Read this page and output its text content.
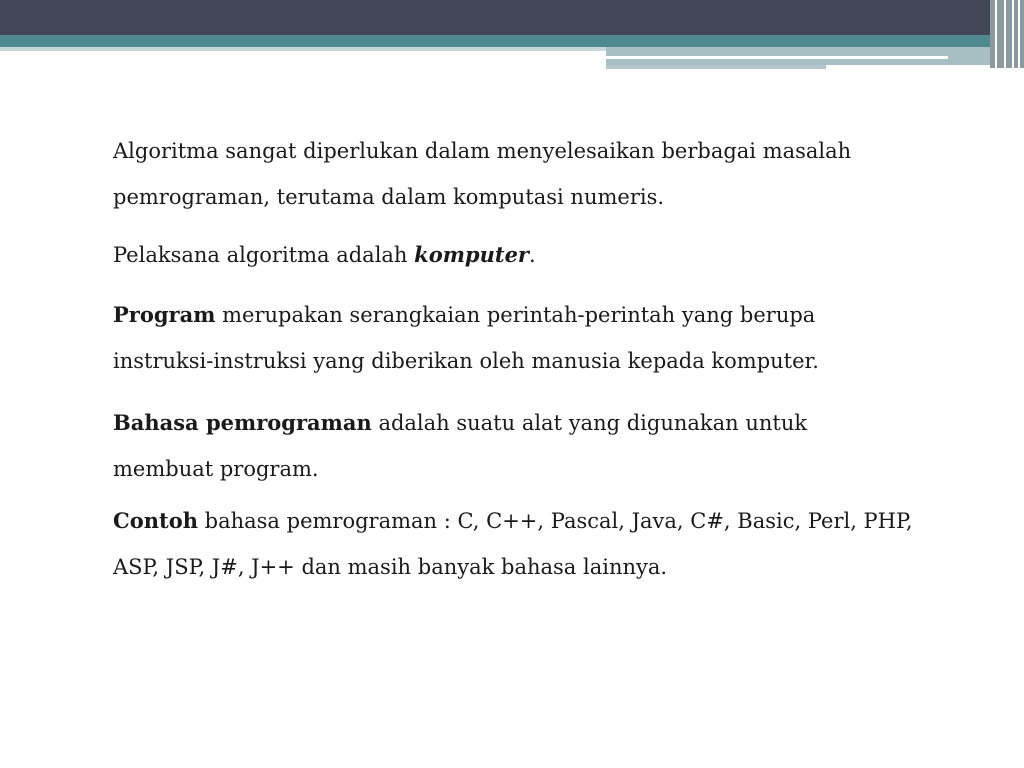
Algoritma sangat diperlukan dalam menyelesaikan berbagai masalah pemrograman, terutama dalam komputasi numeris.

Pelaksana algoritma adalah komputer.

Program merupakan serangkaian perintah-perintah yang berupa instruksi-instruksi yang diberikan oleh manusia kepada komputer.

Bahasa pemrograman adalah suatu alat yang digunakan untuk membuat program.

Contoh bahasa pemrograman : C, C++, Pascal, Java, C#, Basic, Perl, PHP, ASP, JSP, J#, J++ dan masih banyak bahasa lainnya.
